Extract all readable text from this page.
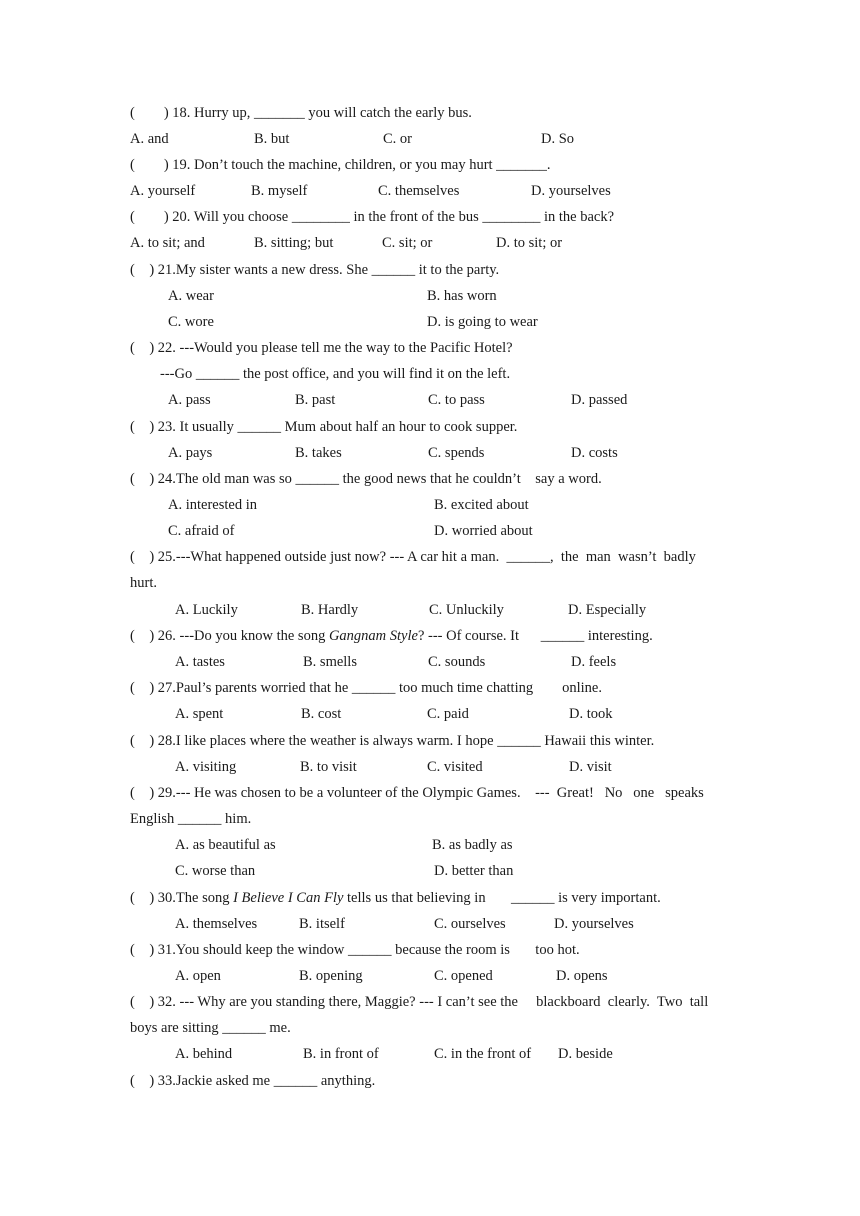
(        ) 18. Hurry up, _______ you will catch the early bus.
A. and	B. but	C. or	D. So
(        ) 19. Don’t touch the machine, children, or you may hurt _______.
A. yourself	B. myself	C. themselves	D. yourselves
(        ) 20. Will you choose ________ in the front of the bus ________ in the back?
A. to sit; and	B. sitting; but	C. sit; or	D. to sit; or
(    ) 21.My sister wants a new dress. She ______ it to the party.
A. wear	B. has worn
C. wore	D. is going to wear
(    ) 22. ---Would you please tell me the way to the Pacific Hotel?
---Go ______ the post office, and you will find it on the left.
A. pass	B. past	C. to pass	D. passed
(    ) 23. It usually ______ Mum about half an hour to cook supper.
A. pays	B. takes	C. spends	D. costs
(    ) 24.The old man was so ______ the good news that he couldn’t    say a word.
A. interested in	B. excited about
C. afraid of	D. worried about
(    ) 25.---What happened outside just now? --- A car hit a man.  ______,  the  man  wasn’t  badly
hurt.
A. Luckily	B. Hardly	C. Unluckily	D. Especially
(    ) 26. ---Do you know the song Gangnam Style? --- Of course. It      ______ interesting.
A. tastes	B. smells	C. sounds	D. feels
(    ) 27.Paul’s parents worried that he ______ too much time chatting        online.
A. spent	B. cost	C. paid	D. took
(    ) 28.I like places where the weather is always warm. I hope ______ Hawaii this winter.
A. visiting	B. to visit	C. visited	D. visit
(    ) 29.--- He was chosen to be a volunteer of the Olympic Games.    ---  Great!   No   one   speaks
English ______ him.
A. as beautiful as	B. as badly as
C. worse than	D. better than
(    ) 30.The song I Believe I Can Fly tells us that believing in       ______ is very important.
A. themselves	B. itself	C. ourselves	D. yourselves
(    ) 31.You should keep the window ______ because the room is       too hot.
A. open	B. opening	C. opened	D. opens
(    ) 32. --- Why are you standing there, Maggie? --- I can’t see the     blackboard  clearly.  Two  tall
boys are sitting ______ me.
A. behind	B. in front of	C. in the front of D. beside
(    ) 33.Jackie asked me ______ anything.
